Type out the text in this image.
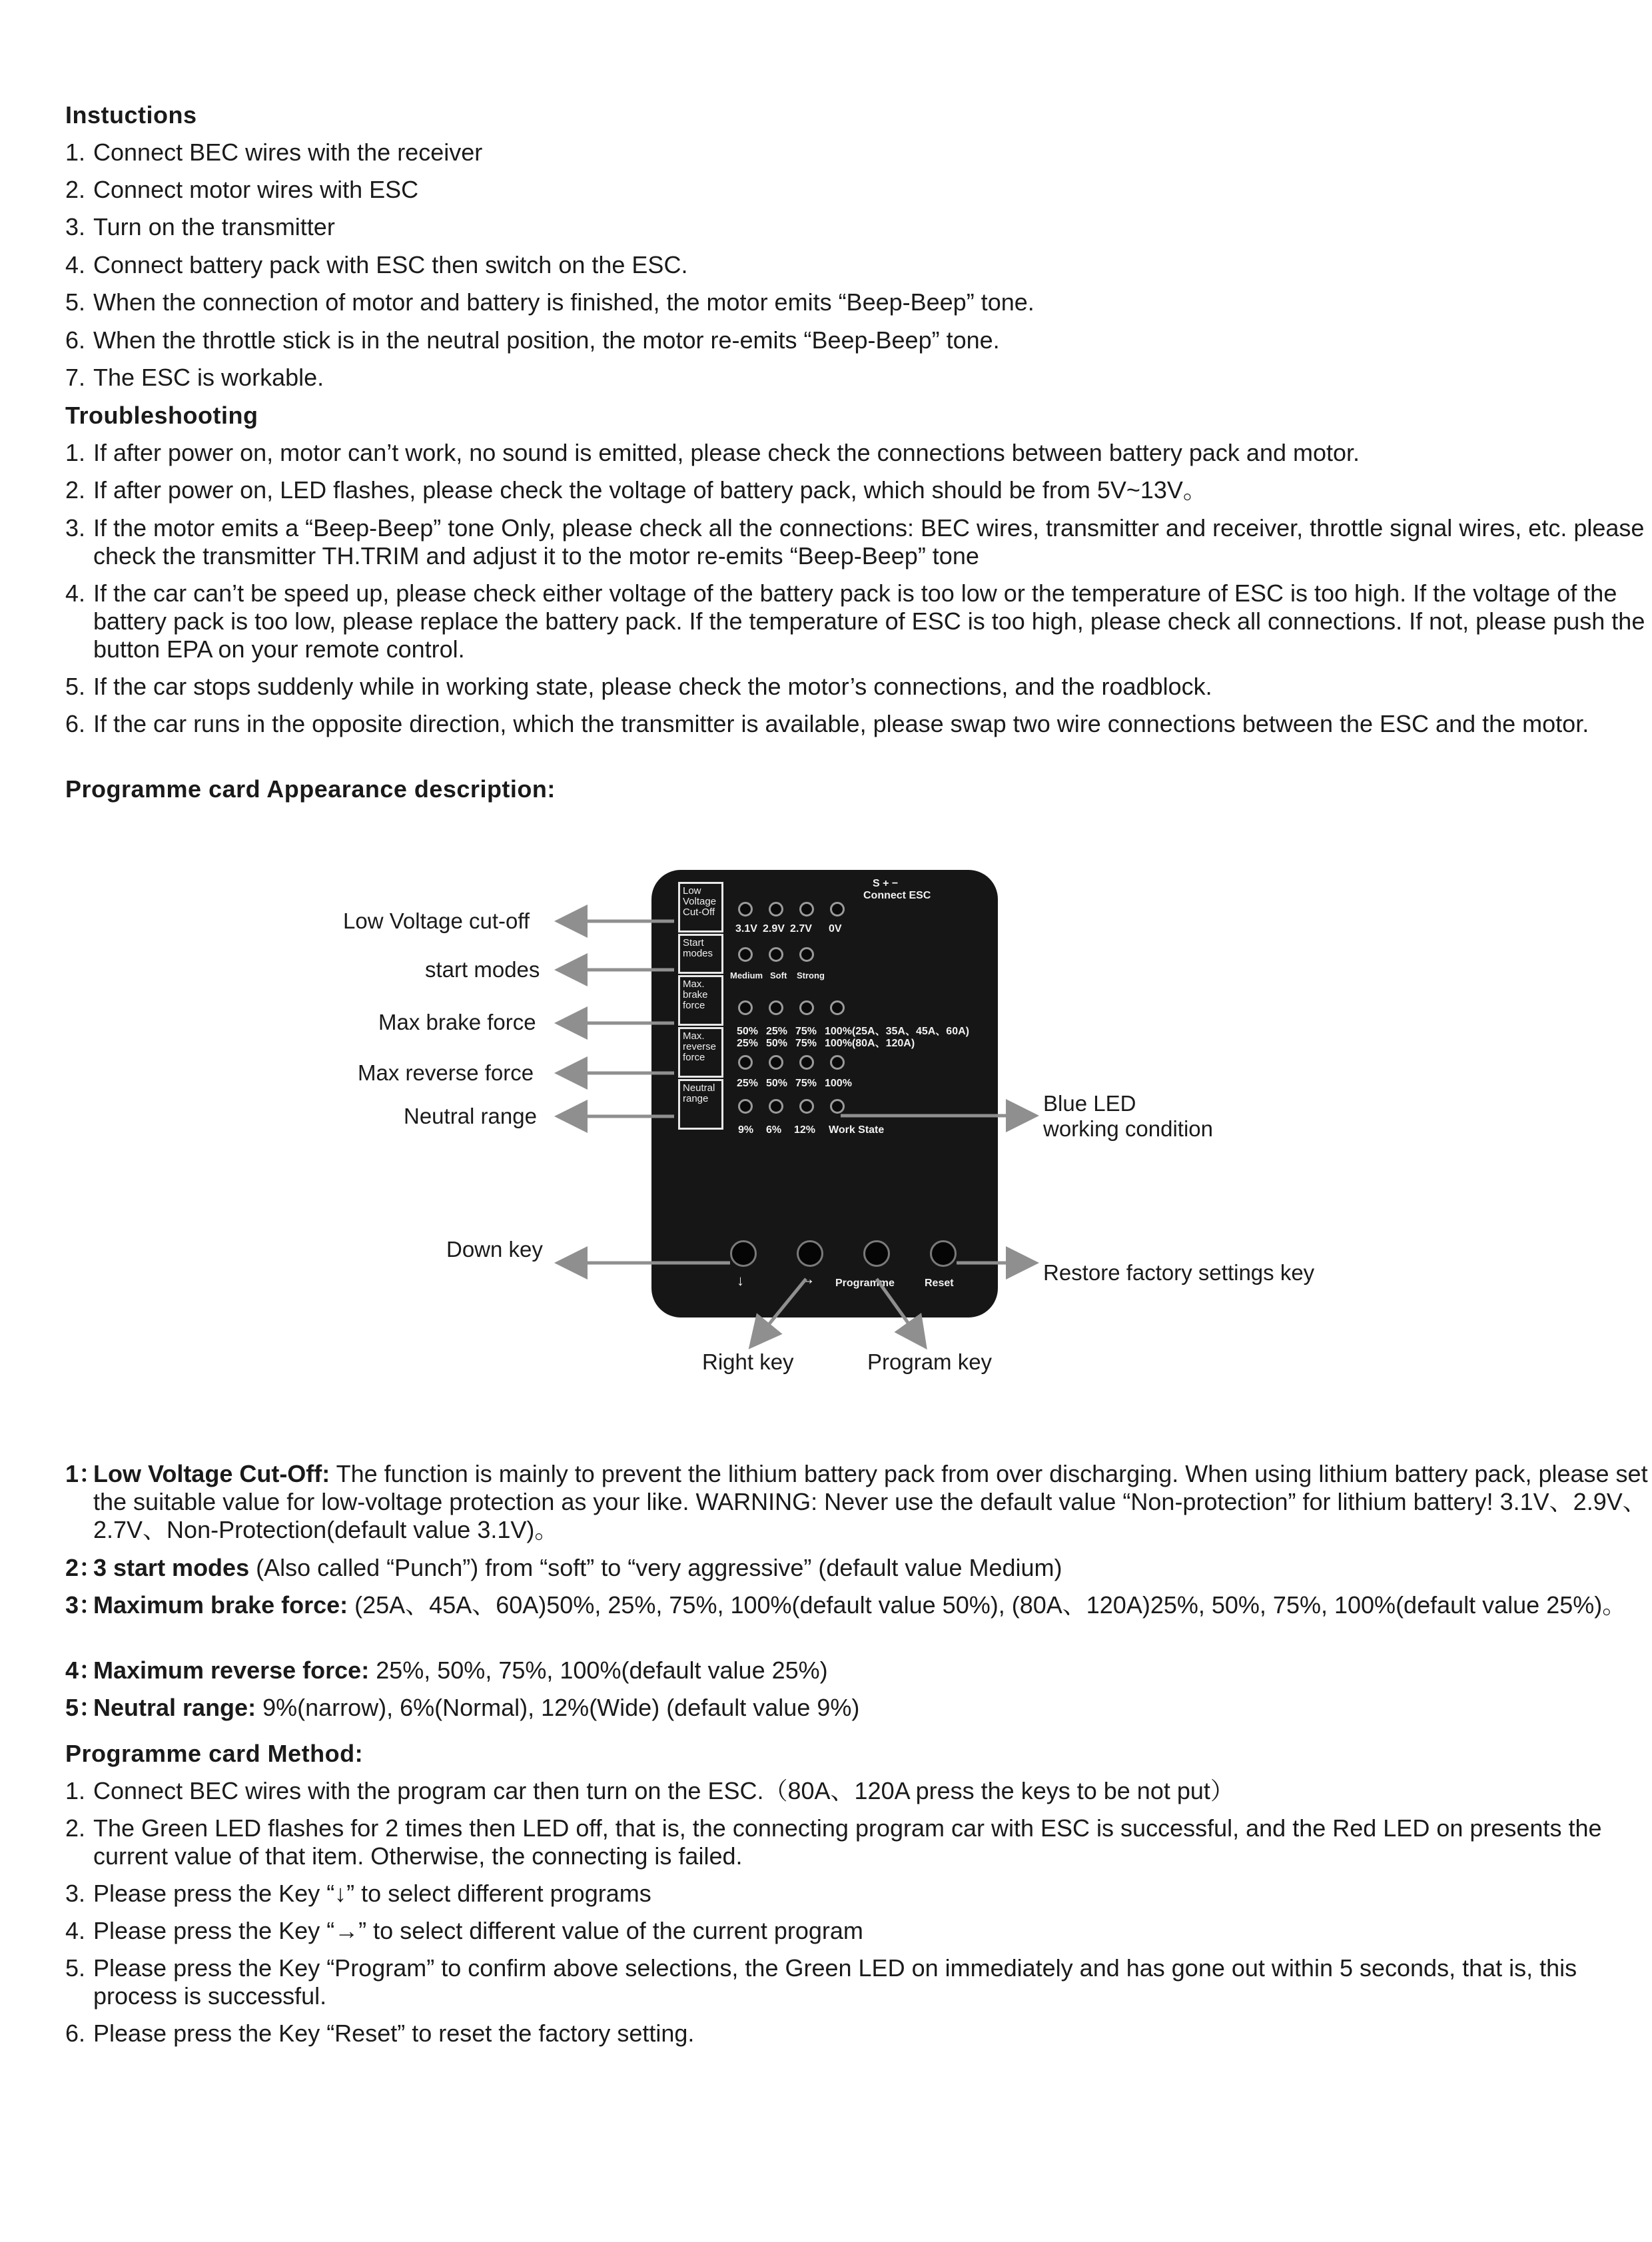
Instuctions
1. Connect BEC wires with the receiver
2. Connect motor wires with ESC
3. Turn on the transmitter
4. Connect battery pack with ESC then switch on the ESC.
5. When the connection of motor and battery is finished, the motor emits “Beep-Beep” tone.
6. When the throttle stick is in the neutral position, the motor re-emits “Beep-Beep” tone.
7. The ESC is workable.
Troubleshooting
1. If after power on, motor can’t work, no sound is emitted, please check the connections between battery pack and motor.
2. If after power on, LED flashes, please check the voltage of battery pack, which should be from 5V~13V。
3. If the motor emits a “Beep-Beep” tone Only, please check all the connections: BEC wires, transmitter and receiver, throttle signal wires, etc. please check the transmitter TH.TRIM and adjust it to the motor re-emits “Beep-Beep” tone
4. If the car can’t be speed up, please check either voltage of the battery pack is too low or the temperature of ESC is too high. If the voltage of the battery pack is too low, please replace the battery pack. If the temperature of ESC is too high, please check all connections. If not, please push the button EPA on your remote control.
5. If the car stops suddenly while in working state, please check the motor’s connections, and the roadblock.
6. If the car runs in the opposite direction, which the transmitter is available, please swap two wire connections between the ESC and the motor.
Programme card Appearance description:
S + −
Connect ESC
Low
Voltage
Cut-Off
Start
modes
Max.
brake
force
Max.
reverse
force
Neutral
range
3.1V 2.9V 2.7V 0V
Medium Soft Strong
50% 25% 75% 100%(25A、35A、45A、60A)
25% 50% 75% 100%(80A、120A)
25% 50% 75% 100%
9% 6% 12% Work State
↓	→ Programme	Reset
Low Voltage cut-off
start modes
Max brake force
Max reverse force
Neutral range
Blue LED
working condition
Down key
Restore factory settings key
Right key	Program key
1：
Low Voltage Cut-Off: The function is mainly to prevent the lithium battery pack from over discharging. When using lithium battery pack, please set the suitable value for low-voltage protection as your like. WARNING: Never use the default value “Non-protection” for lithium battery! 3.1V、2.9V、2.7V、Non-Protection(default value 3.1V)。
2：
3 start modes (Also called “Punch”) from “soft” to “very aggressive” (default value Medium)
3：
Maximum brake force: (25A、45A、60A)50%, 25%, 75%, 100%(default value 50%), (80A、120A)25%, 50%, 75%, 100%(default value 25%)。
4：
Maximum reverse force: 25%, 50%, 75%, 100%(default value 25%)
5：
Neutral range: 9%(narrow), 6%(Normal), 12%(Wide) (default value 9%)
Programme card Method:
1. Connect BEC wires with the program car then turn on the ESC.（80A、120A press the keys to be not put）
2. The Green LED flashes for 2 times then LED off, that is, the connecting program car with ESC is successful, and the Red LED on presents the current value of that item. Otherwise, the connecting is failed.
3. Please press the Key “↓” to select different programs
4. Please press the Key “→” to select different value of the current program
5. Please press the Key “Program” to confirm above selections, the Green LED on immediately and has gone out within 5 seconds, that is, this process is successful.
6. Please press the Key “Reset” to reset the factory setting.
